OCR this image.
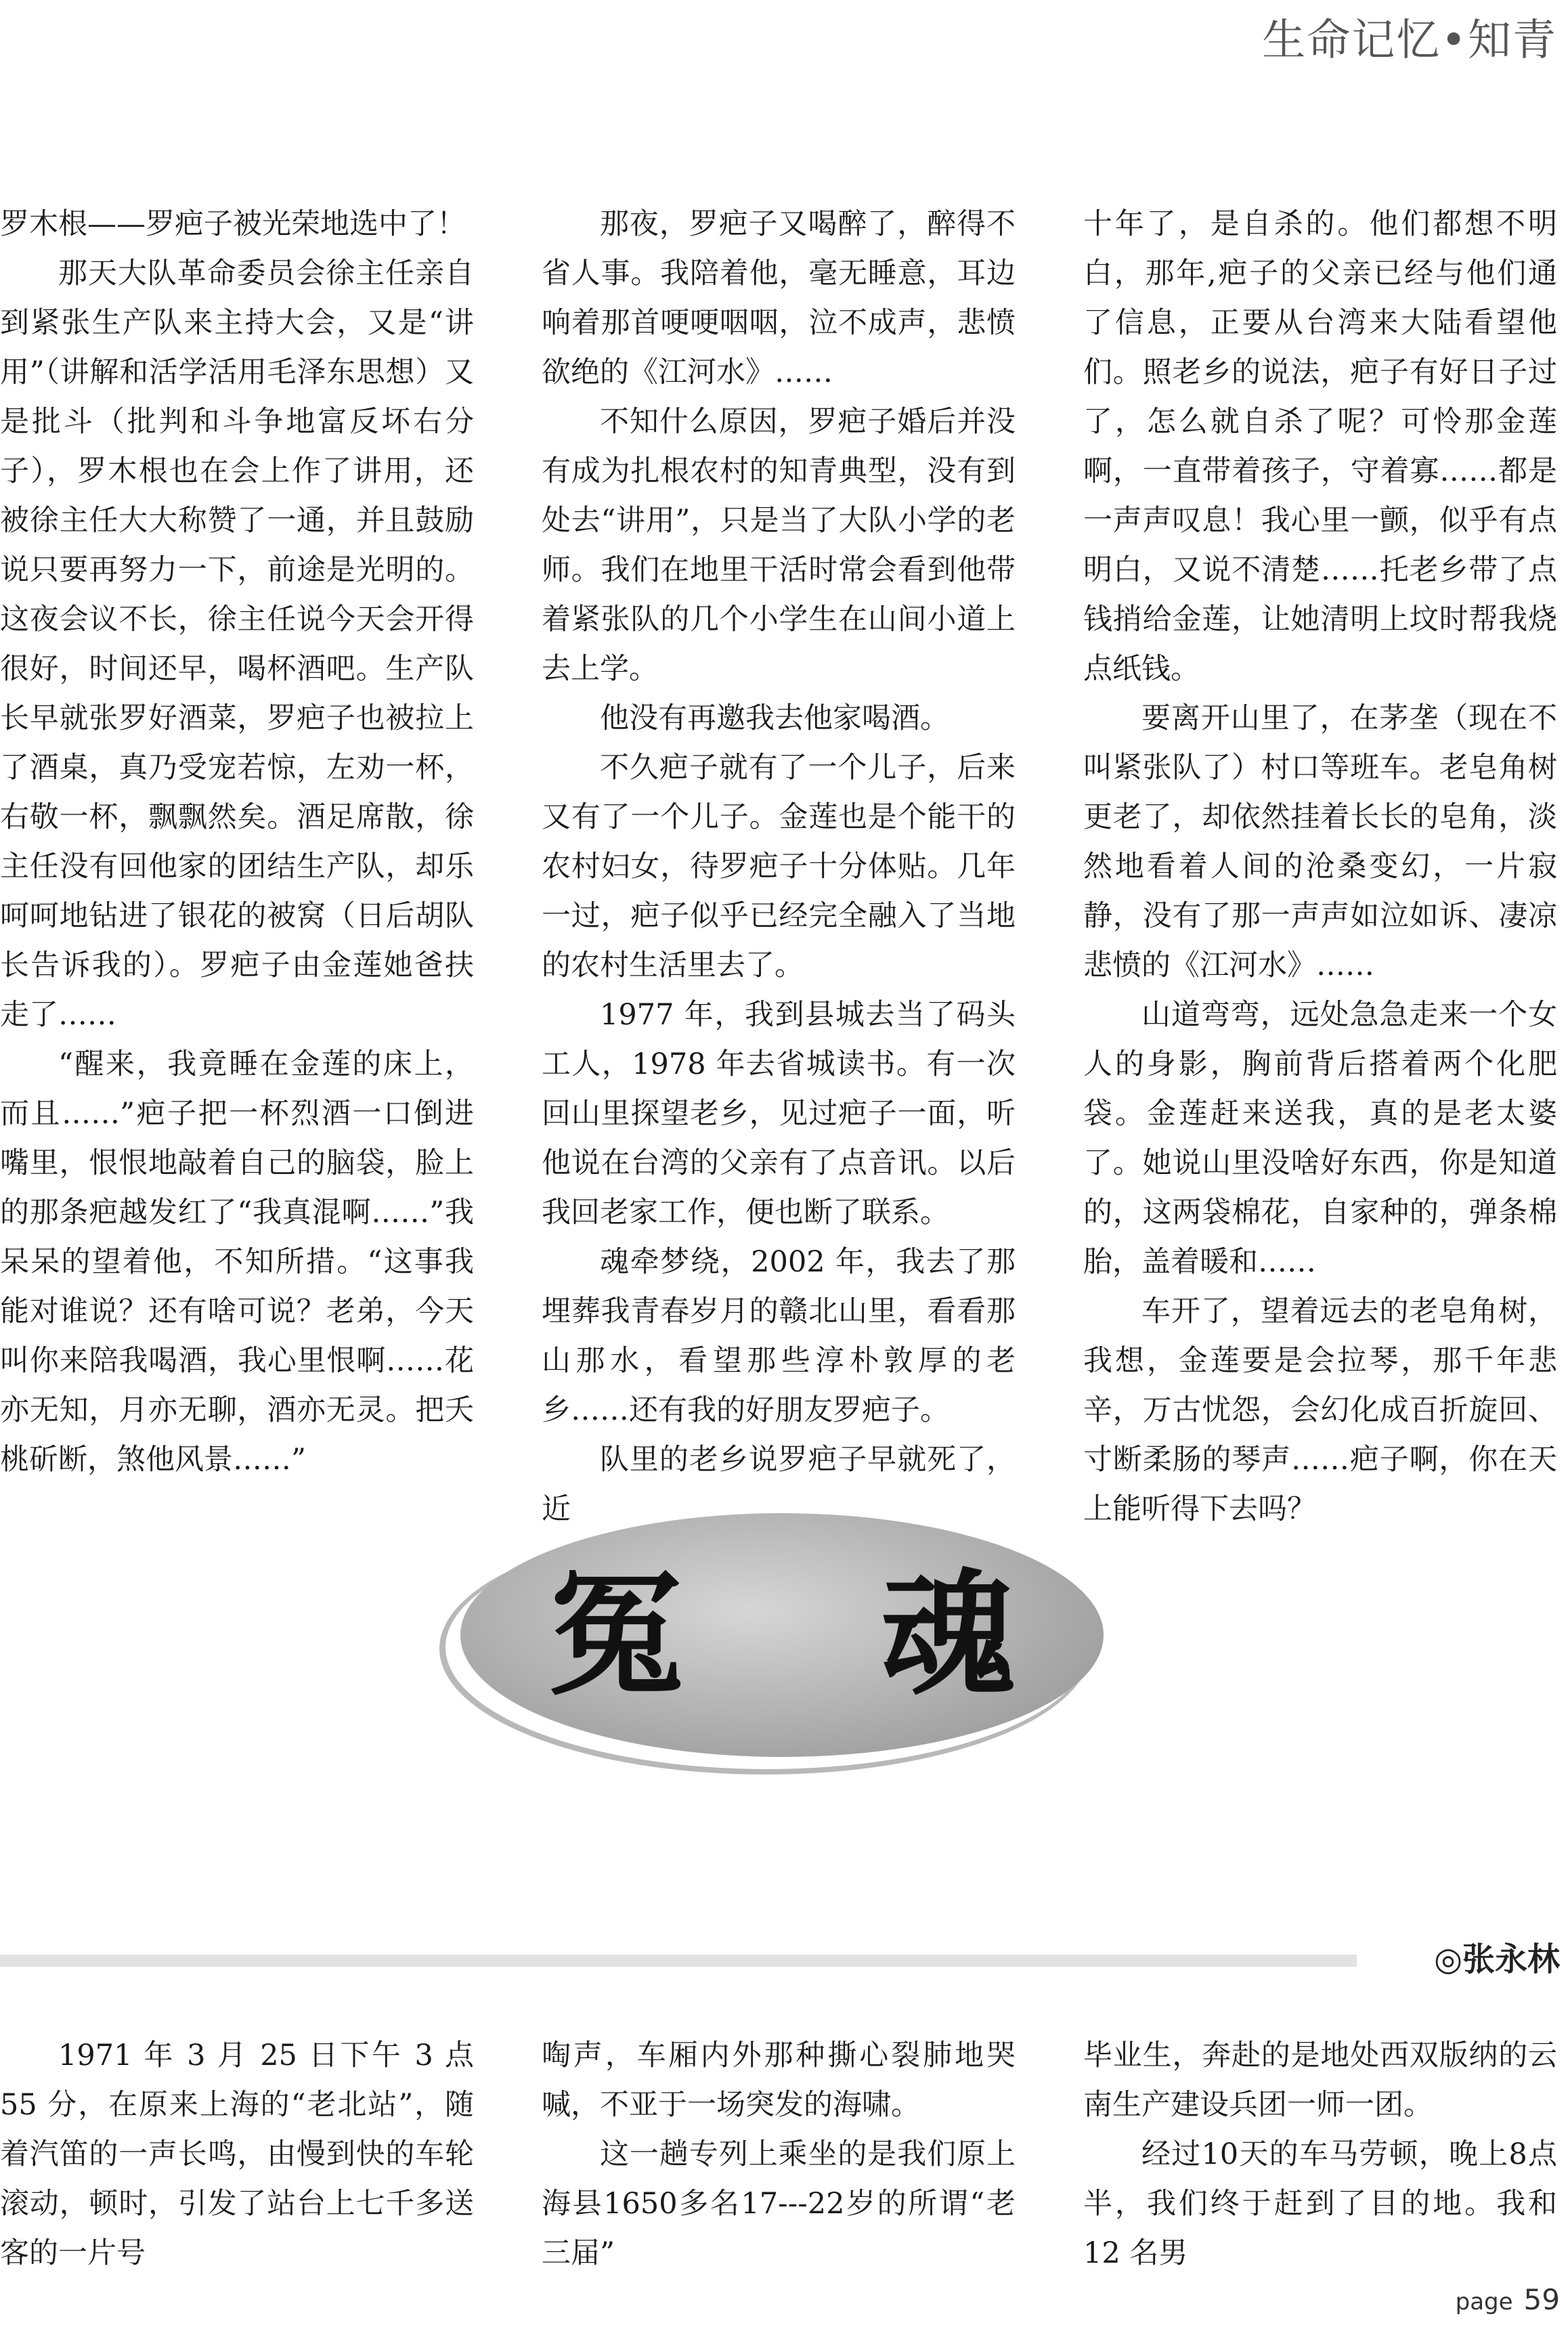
生命记忆•知青

罗木根——罗疤子被光荣地选中了！

那天大队革命委员会徐主任亲自到紧张生产队来主持大会，又是“讲用”（讲解和活学活用毛泽东思想）又是批斗（批判和斗争地富反坏右分子），罗木根也在会上作了讲用，还被徐主任大大称赞了一通，并且鼓励说只要再努力一下，前途是光明的。这夜会议不长，徐主任说今天会开得很好，时间还早，喝杯酒吧。生产队长早就张罗好酒菜，罗疤子也被拉上了酒桌，真乃受宠若惊，左劝一杯，右敬一杯，飘飘然矣。酒足席散，徐主任没有回他家的团结生产队，却乐呵呵地钻进了银花的被窝（日后胡队长告诉我的）。罗疤子由金莲她爸扶走了……

“醒来，我竟睡在金莲的床上，而且……”疤子把一杯烈酒一口倒进嘴里，恨恨地敲着自己的脑袋，脸上的那条疤越发红了“我真混啊……”我呆呆的望着他，不知所措。“这事我能对谁说？还有啥可说？老弟，今天叫你来陪我喝酒，我心里恨啊……花亦无知，月亦无聊，酒亦无灵。把夭桃斫断，煞他风景……”

那夜，罗疤子又喝醉了，醉得不省人事。我陪着他，毫无睡意，耳边响着那首哽哽咽咽，泣不成声，悲愤欲绝的《江河水》……

不知什么原因，罗疤子婚后并没有成为扎根农村的知青典型，没有到处去“讲用”，只是当了大队小学的老师。我们在地里干活时常会看到他带着紧张队的几个小学生在山间小道上去上学。

他没有再邀我去他家喝酒。

不久疤子就有了一个儿子，后来又有了一个儿子。金莲也是个能干的农村妇女，待罗疤子十分体贴。几年一过，疤子似乎已经完全融入了当地的农村生活里去了。

1977 年，我到县城去当了码头工人，1978 年去省城读书。有一次回山里探望老乡，见过疤子一面，听他说在台湾的父亲有了点音讯。以后我回老家工作，便也断了联系。

魂牵梦绕，2002 年，我去了那埋葬我青春岁月的赣北山里，看看那山那水，看望那些淳朴敦厚的老乡……还有我的好朋友罗疤子。

队里的老乡说罗疤子早就死了，近

十年了，是自杀的。他们都想不明白，那年,疤子的父亲已经与他们通了信息，正要从台湾来大陆看望他们。照老乡的说法，疤子有好日子过了，怎么就自杀了呢？可怜那金莲啊，一直带着孩子，守着寡……都是一声声叹息！我心里一颤，似乎有点明白，又说不清楚……托老乡带了点钱捎给金莲，让她清明上坟时帮我烧点纸钱。

要离开山里了，在茅垄（现在不叫紧张队了）村口等班车。老皂角树更老了，却依然挂着长长的皂角，淡然地看着人间的沧桑变幻，一片寂静，没有了那一声声如泣如诉、凄凉悲愤的《江河水》……

山道弯弯，远处急急走来一个女人的身影，胸前背后搭着两个化肥袋。金莲赶来送我，真的是老太婆了。她说山里没啥好东西，你是知道的，这两袋棉花，自家种的，弹条棉胎，盖着暖和……

车开了，望着远去的老皂角树，我想，金莲要是会拉琴，那千年悲辛，万古忧怨，会幻化成百折旋回、寸断柔肠的琴声……疤子啊，你在天上能听得下去吗？

冤 魂
◎张永林

1971 年 3 月 25 日下午 3 点 55 分，在原来上海的“老北站”，随着汽笛的一声长鸣，由慢到快的车轮滚动，顿时，引发了站台上七千多送客的一片号

啕声，车厢内外那种撕心裂肺地哭喊，不亚于一场突发的海啸。

这一趟专列上乘坐的是我们原上海县1650多名17---22岁的所谓“老三届”

毕业生，奔赴的是地处西双版纳的云南生产建设兵团一师一团。

经过10天的车马劳顿，晚上8点半，我们终于赶到了目的地。我和 12 名男

page 59
